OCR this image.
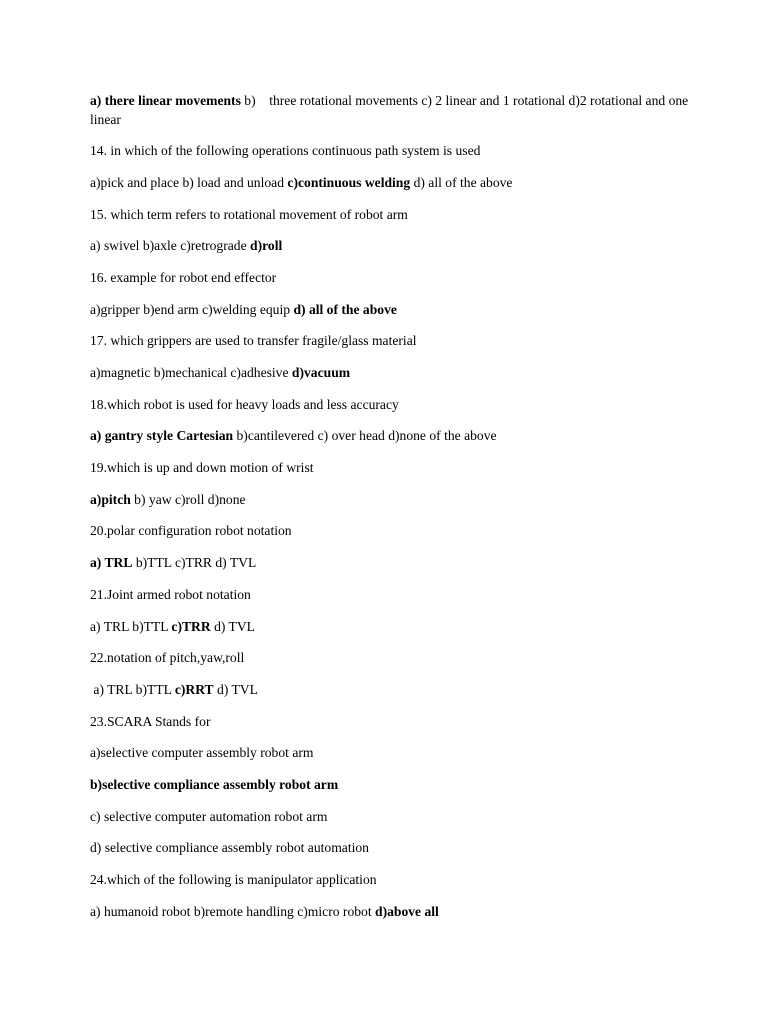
a) there linear movements b)    three rotational movements c) 2 linear and 1 rotational d)2 rotational and one linear

14. in which of the following operations continuous path system is used

a)pick and place b) load and unload c)continuous welding d) all of the above

15. which term refers to rotational movement of robot arm

a) swivel b)axle c)retrograde d)roll

16. example for robot end effector

a)gripper b)end arm c)welding equip d) all of the above

17. which grippers are used to transfer fragile/glass material

a)magnetic b)mechanical c)adhesive d)vacuum

18.which robot is used for heavy loads and less accuracy

a) gantry style Cartesian b)cantilevered c) over head d)none of the above

19.which is up and down motion of wrist

a)pitch b) yaw c)roll d)none

20.polar configuration robot notation

a) TRL b)TTL c)TRR d) TVL

21.Joint armed robot notation

a) TRL b)TTL c)TRR d) TVL

22.notation of pitch,yaw,roll

a) TRL b)TTL c)RRT d) TVL

23.SCARA Stands for

a)selective computer assembly robot arm

b)selective compliance assembly robot arm

c) selective computer automation robot arm

d) selective compliance assembly robot automation

24.which of the following is manipulator application

a) humanoid robot b)remote handling c)micro robot d)above all
